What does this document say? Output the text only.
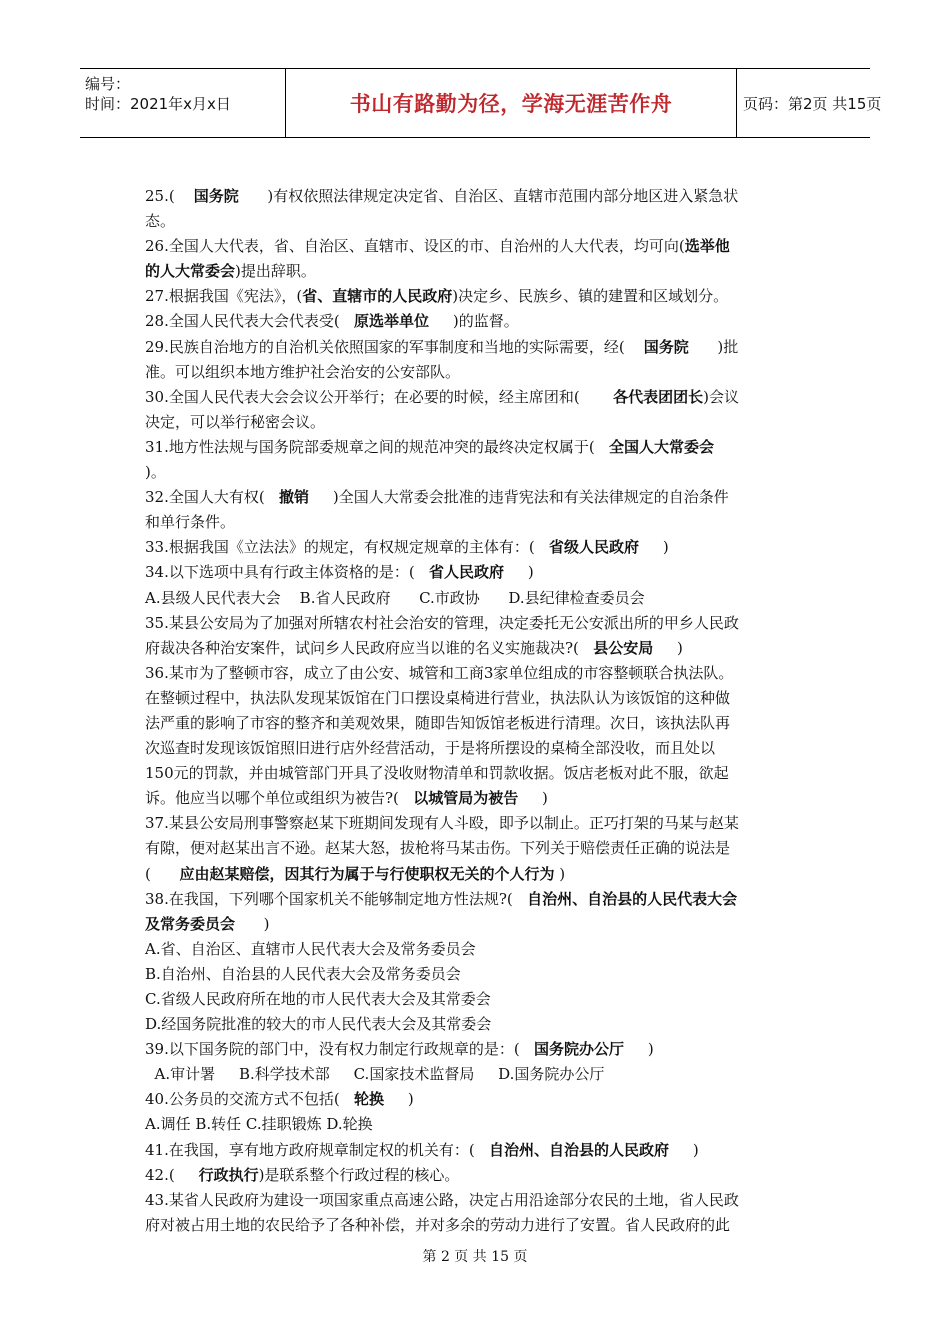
编号：
时间：2021年x月x日	书山有路勤为径，学海无涯苦作舟	页码：第2页 共15页
25.(    国务院      )有权依照法律规定决定省、自治区、直辖市范围内部分地区进入紧急状
态。
26.全国人大代表，省、自治区、直辖市、设区的市、自治州的人大代表，均可向(选举他
的人大常委会)提出辞职。
27.根据我国《宪法》，(省、直辖市的人民政府)决定乡、民族乡、镇的建置和区域划分。
28.全国人民代表大会代表受(   原选举单位     )的监督。
29.民族自治地方的自治机关依照国家的军事制度和当地的实际需要，经(    国务院      )批
准。可以组织本地方维护社会治安的公安部队。
30.全国人民代表大会会议公开举行；在必要的时候，经主席团和(       各代表团团长)会议
决定，可以举行秘密会议。
31.地方性法规与国务院部委规章之间的规范冲突的最终决定权属于(   全国人大常委会
)。
32.全国人大有权(   撤销     )全国人大常委会批准的违背宪法和有关法律规定的自治条件
和单行条件。
33.根据我国《立法法》的规定，有权规定规章的主体有：(   省级人民政府     )
34.以下选项中具有行政主体资格的是：(   省人民政府     )
A.县级人民代表大会    B.省人民政府      C.市政协      D.县纪律检查委员会
35.某县公安局为了加强对所辖农村社会治安的管理，决定委托无公安派出所的甲乡人民政
府裁决各种治安案件，试问乡人民政府应当以谁的名义实施裁决?(   县公安局     )
36.某市为了整顿市容，成立了由公安、城管和工商3家单位组成的市容整顿联合执法队。
在整顿过程中，执法队发现某饭馆在门口摆设桌椅进行营业，执法队认为该饭馆的这种做
法严重的影响了市容的整齐和美观效果，随即告知饭馆老板进行清理。次日，该执法队再
次巡查时发现该饭馆照旧进行店外经营活动，于是将所摆设的桌椅全部没收，而且处以
150元的罚款，并由城管部门开具了没收财物清单和罚款收据。饭店老板对此不服，欲起
诉。他应当以哪个单位或组织为被告?(   以城管局为被告     )
37.某县公安局刑事警察赵某下班期间发现有人斗殴，即予以制止。正巧打架的马某与赵某
有隙，便对赵某出言不逊。赵某大怒，拔枪将马某击伤。下列关于赔偿责任正确的说法是
(      应由赵某赔偿，因其行为属于与行使职权无关的个人行为 )
38.在我国，下列哪个国家机关不能够制定地方性法规?(   自治州、自治县的人民代表大会
及常务委员会      )
A.省、自治区、直辖市人民代表大会及常务委员会
B.自治州、自治县的人民代表大会及常务委员会
C.省级人民政府所在地的市人民代表大会及其常委会
D.经国务院批准的较大的市人民代表大会及其常委会
39.以下国务院的部门中，没有权力制定行政规章的是：(   国务院办公厅     )
A.审计署     B.科学技术部     C.国家技术监督局     D.国务院办公厅
40.公务员的交流方式不包括(   轮换     )
A.调任 B.转任 C.挂职锻炼 D.轮换
41.在我国，享有地方政府规章制定权的机关有：(   自治州、自治县的人民政府     )
42.(     行政执行)是联系整个行政过程的核心。
43.某省人民政府为建设一项国家重点高速公路，决定占用沿途部分农民的土地，省人民政
府对被占用土地的农民给予了各种补偿，并对多余的劳动力进行了安置。省人民政府的此
第 2 页 共 15 页
